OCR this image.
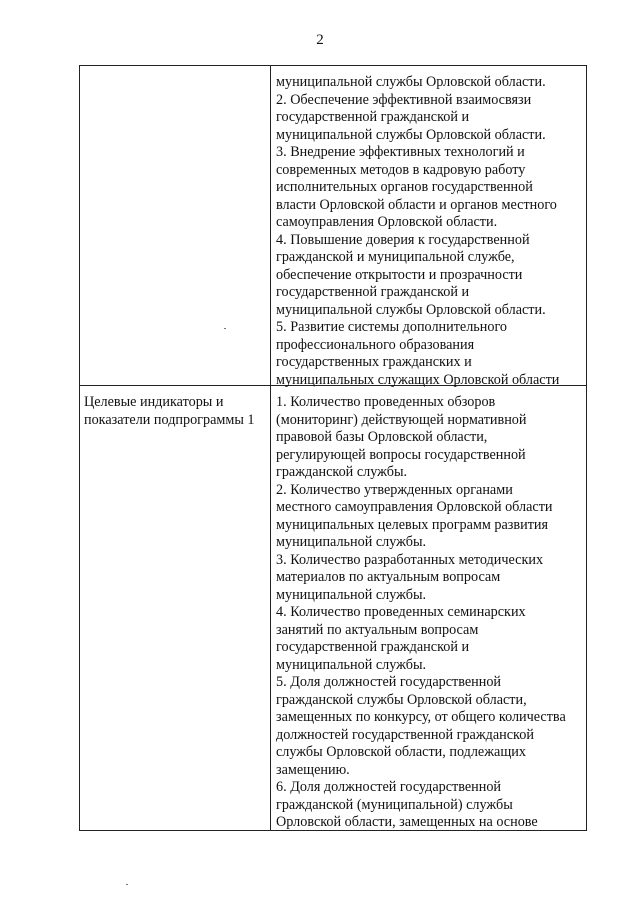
2
муниципальной службы Орловской области.
2. Обеспечение эффективной взаимосвязи
государственной гражданской и
муниципальной службы Орловской области.
3. Внедрение эффективных технологий и
современных методов в кадровую работу
исполнительных органов государственной
власти Орловской области и органов местного
самоуправления Орловской области.
4. Повышение доверия к государственной
гражданской и муниципальной службе,
обеспечение открытости и прозрачности
государственной гражданской и
муниципальной службы Орловской области.
5. Развитие системы дополнительного
профессионального образования
государственных гражданских и
муниципальных служащих Орловской области
Целевые индикаторы и
показатели подпрограммы 1
1. Количество проведенных обзоров
(мониторинг) действующей нормативной
правовой базы Орловской области,
регулирующей вопросы государственной
гражданской службы.
2. Количество утвержденных органами
местного самоуправления Орловской области
муниципальных целевых программ развития
муниципальной службы.
3. Количество разработанных методических
материалов по актуальным вопросам
муниципальной службы.
4. Количество проведенных семинарских
занятий по актуальным вопросам
государственной гражданской и
муниципальной службы.
5. Доля должностей государственной
гражданской службы Орловской области,
замещенных по конкурсу, от общего количества
должностей государственной гражданской
службы Орловской области, подлежащих
замещению.
6. Доля должностей государственной
гражданской (муниципальной) службы
Орловской области, замещенных на основе
